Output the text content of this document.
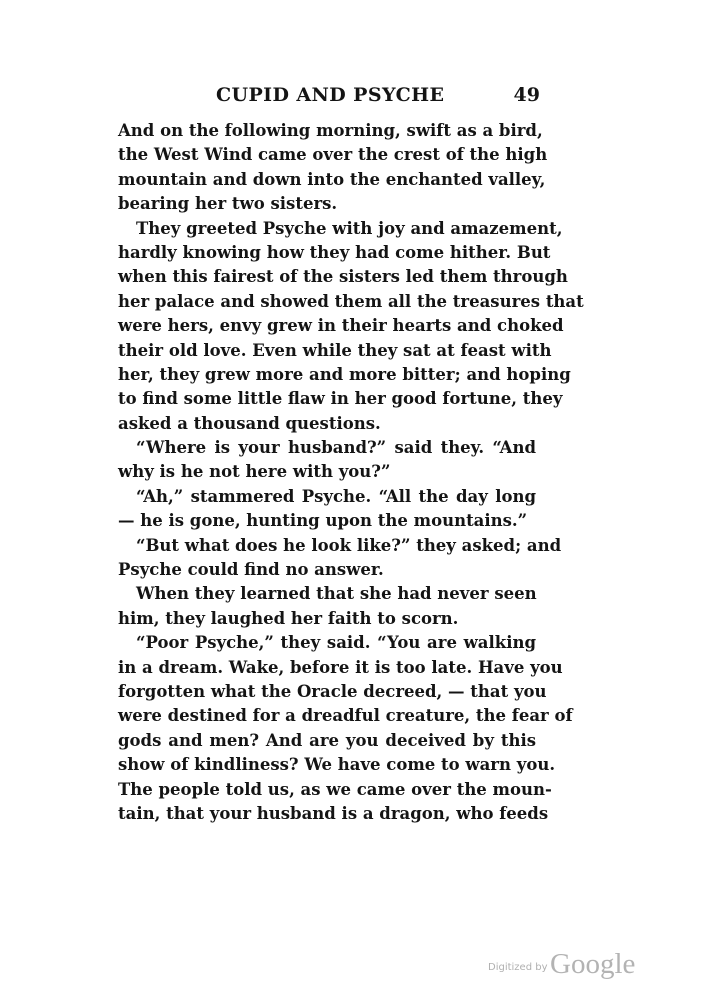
CUPID AND PSYCHE	49
And on the following morning, swift as a bird,
the West Wind came over the crest of the high
mountain and down into the enchanted valley,
bearing her two sisters.
They greeted Psyche with joy and amazement,
hardly knowing how they had come hither. But
when this fairest of the sisters led them through
her palace and showed them all the treasures that
were hers, envy grew in their hearts and choked
their old love. Even while they sat at feast with
her, they grew more and more bitter; and hoping
to find some little flaw in her good fortune, they
asked a thousand questions.
“Where is your husband?” said they. “And
why is he not here with you?”
“Ah,” stammered Psyche. “All the day long
— he is gone, hunting upon the mountains.”
“But what does he look like?” they asked; and
Psyche could find no answer.
When they learned that she had never seen
him, they laughed her faith to scorn.
“Poor Psyche,” they said. “You are walking
in a dream. Wake, before it is too late. Have you
forgotten what the Oracle decreed, — that you
were destined for a dreadful creature, the fear of
gods and men? And are you deceived by this
show of kindliness? We have come to warn you.
The people told us, as we came over the moun-
tain, that your husband is a dragon, who feeds
Digitized by Google
